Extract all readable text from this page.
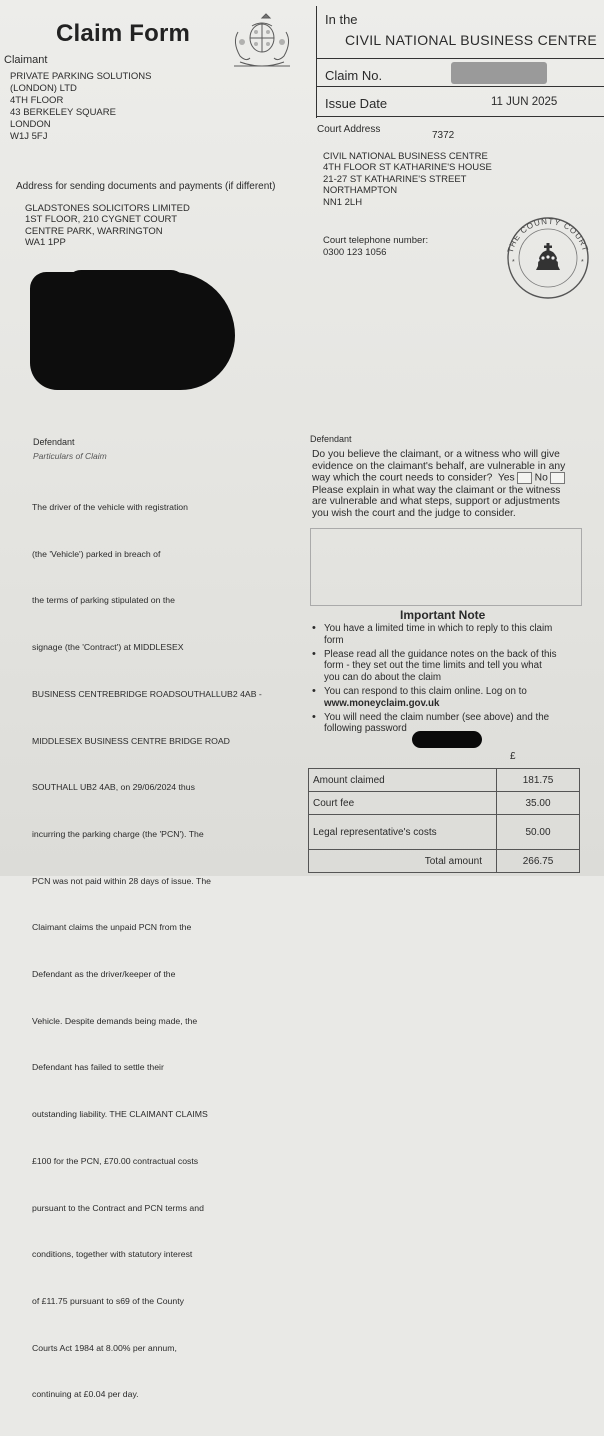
Claim Form
Claimant
PRIVATE PARKING SOLUTIONS
(LONDON) LTD
4TH FLOOR
43 BERKELEY SQUARE
LONDON
W1J 5FJ
In the
CIVIL NATIONAL BUSINESS CENTRE
Claim No.
Issue Date	11 JUN 2025
Court Address
7372
CIVIL NATIONAL BUSINESS CENTRE
4TH FLOOR ST KATHARINE'S HOUSE
21-27 ST KATHARINE'S STREET
NORTHAMPTON
NN1 2LH
Court telephone number:
0300 123 1056	THE COUNTY COURT
*	*
Address for sending documents and payments (if different)
GLADSTONES SOLICITORS LIMITED
1ST FLOOR, 210 CYGNET COURT
CENTRE PARK, WARRINGTON
WA1 1PP
Defendant
Particulars of Claim

The driver of the vehicle with registration

(the 'Vehicle') parked in breach of

the terms of parking stipulated on the

signage (the 'Contract') at MIDDLESEX

BUSINESS CENTREBRIDGE ROADSOUTHALLUB2 4AB -

MIDDLESEX BUSINESS CENTRE BRIDGE ROAD

SOUTHALL UB2 4AB, on 29/06/2024 thus

incurring the parking charge (the 'PCN'). The

PCN was not paid within 28 days of issue. The

Claimant claims the unpaid PCN from the

Defendant as the driver/keeper of the

Vehicle. Despite demands being made, the

Defendant has failed to settle their

outstanding liability. THE CLAIMANT CLAIMS

£100 for the PCN, £70.00 contractual costs

pursuant to the Contract and PCN terms and

conditions, together with statutory interest

of £11.75 pursuant to s69 of the County

Courts Act 1984 at 8.00% per annum,

continuing at £0.04 per day.

Defendant
Do you believe the claimant, or a witness who will give
evidence on the claimant's behalf, are vulnerable in any
way which the court needs to consider? Yes No
Please explain in what way the claimant or the witness
are vulnerable and what steps, support or adjustments
you wish the court and the judge to consider.
Important Note
• You have a limited time in which to reply to this claim
form
• Please read all the guidance notes on the back of this
form - they set out the time limits and tell you what
you can do about the claim
• You can respond to this claim online. Log on to
www.moneyclaim.gov.uk
• You will need the claim number (see above) and the
following password
£
Amount claimed	181.75
Court fee	35.00
Legal representative's costs	50.00
Total amount	266.75
